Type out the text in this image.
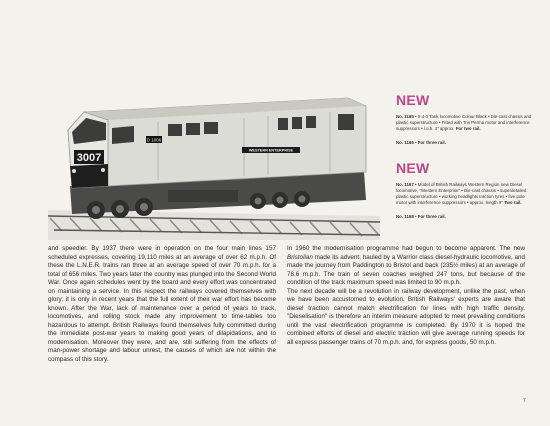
3007
D 1006
WESTERN ENTERPRISE
NEW

No. 1165 • 0-4-0 Tank locomotive Colour Black • Die-cast chassis and plastic superstructure • Fitted with Trix Perma motor and interference suppressors • l.o.b. 4" approx. For two rail.

No. 1166 • For three rail.

NEW

No. 1167 • Model of British Railways Western Region new Diesel locomotive, "Western Enterprise" • Die-cast chassis • superdetailed plastic superstructure • working headlights traction tyres • five pole motor with interference suppressors • approx. length 9" Two rail.

No. 1168 • For three rail.

and speedier. By 1937 there were in operation on the four main lines 157 scheduled expresses, covering 19,110 miles at an average of over 62 m.p.h. Of these the L.N.E.R. trains ran three at an average speed of over 70 m.p.h. for a total of 656 miles. Two years later the country was plunged into the Second World War. Once again schedules went by the board and every effort was concentrated on maintaining a service. In this respect the railways covered themselves with glory; it is only in recent years that the full extent of their war effort has become known. After the War, lack of maintenance over a period of years to track, locomotives, and rolling stock made any improvement to time-tables too hazardous to attempt. British Railways found themselves fully committed during the immediate post-war years to making good years of dilapidations, and to modernisation. Moreover they were, and are, still suffering from the effects of man-power shortage and labour unrest, the causes of which are not within the compass of this story.

In 1960 the modernisation programme had begun to become apparent. The new Bristolian made its advent; hauled by a Warrior class diesel-hydraulic locomotive, and made the journey from Paddington to Bristol and back (235½ miles) at an average of 78.6 m.p.h. The train of seven coaches weighed 247 tons, but because of the condition of the track maximum speed was limited to 90 m.p.h.

The next decade will be a revolution in railway development, unlike the past, when we have been accustomed to evolution. British Railways' experts are aware that diesel traction cannot match electrification for lines with high traffic density. "Dieselisation" is therefore an interim measure adopted to meet prevailing conditions until the vast electrification programme is completed. By 1970 it is hoped the combined efforts of diesel and electric traction will give average running speeds for all express passenger trains of 70 m.p.h. and, for express goods, 50 m.p.h.

7
